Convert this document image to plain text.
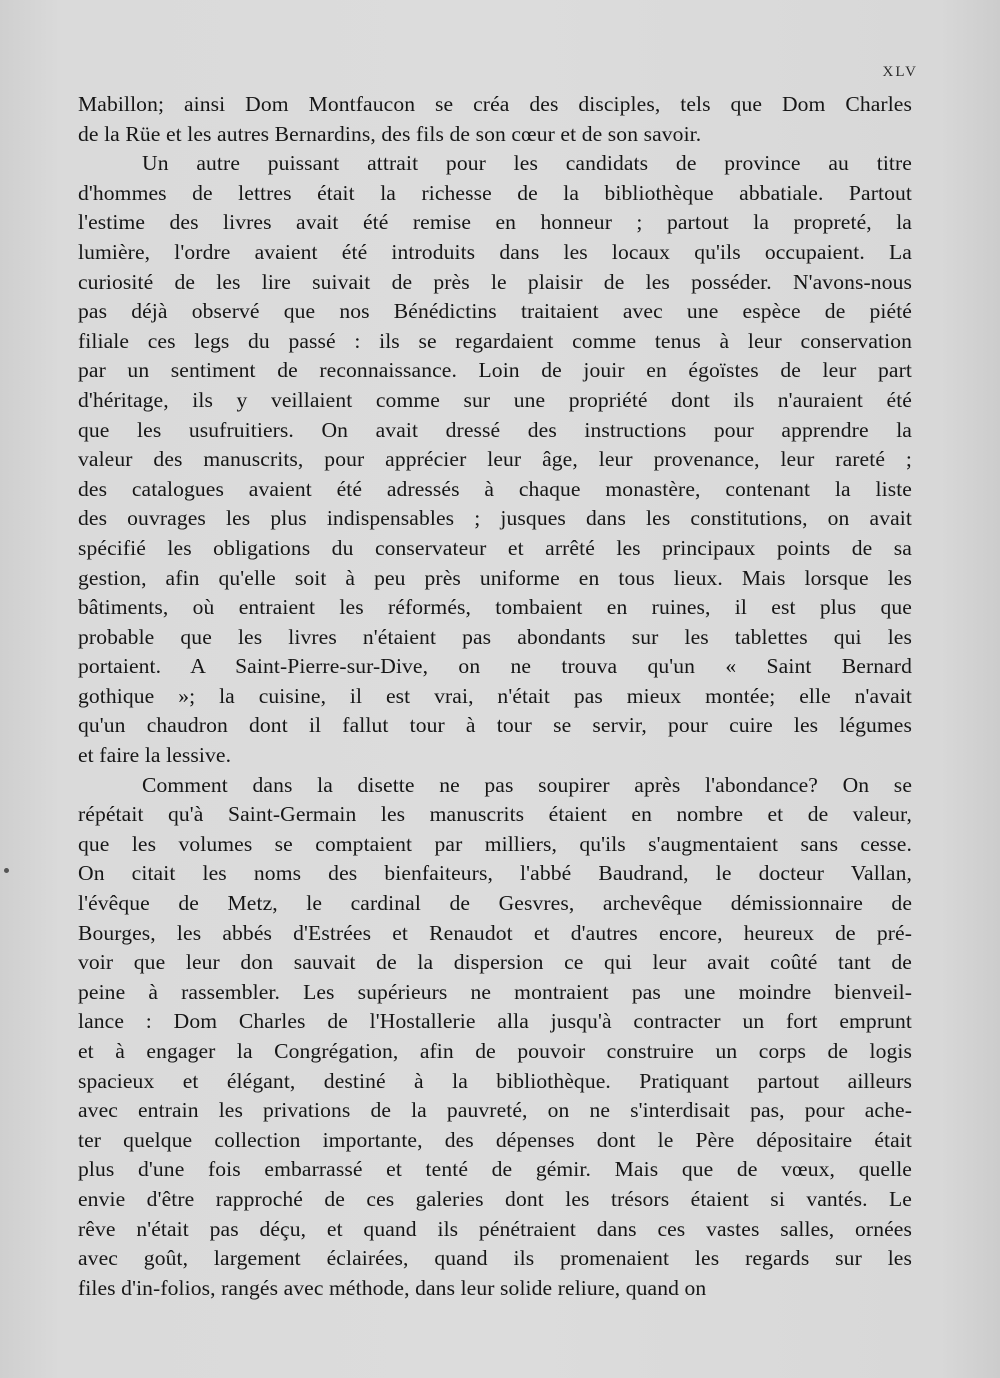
XLV
Mabillon; ainsi Dom Montfaucon se créa des disciples, tels que Dom Charles
de la Rüe et les autres Bernardins, des fils de son cœur et de son savoir.
Un autre puissant attrait pour les candidats de province au titre
d'hommes de lettres était la richesse de la bibliothèque abbatiale. Partout
l'estime des livres avait été remise en honneur ; partout la propreté, la
lumière, l'ordre avaient été introduits dans les locaux qu'ils occupaient. La
curiosité de les lire suivait de près le plaisir de les posséder. N'avons-nous
pas déjà observé que nos Bénédictins traitaient avec une espèce de piété
filiale ces legs du passé : ils se regardaient comme tenus à leur conservation
par un sentiment de reconnaissance. Loin de jouir en égoïstes de leur part
d'héritage, ils y veillaient comme sur une propriété dont ils n'auraient été
que les usufruitiers. On avait dressé des instructions pour apprendre la
valeur des manuscrits, pour apprécier leur âge, leur provenance, leur rareté ;
des catalogues avaient été adressés à chaque monastère, contenant la liste
des ouvrages les plus indispensables ; jusques dans les constitutions, on avait
spécifié les obligations du conservateur et arrêté les principaux points de sa
gestion, afin qu'elle soit à peu près uniforme en tous lieux. Mais lorsque les
bâtiments, où entraient les réformés, tombaient en ruines, il est plus que
probable que les livres n'étaient pas abondants sur les tablettes qui les
portaient. A Saint-Pierre-sur-Dive, on ne trouva qu'un « Saint Bernard
gothique »; la cuisine, il est vrai, n'était pas mieux montée; elle n'avait
qu'un chaudron dont il fallut tour à tour se servir, pour cuire les légumes
et faire la lessive.
Comment dans la disette ne pas soupirer après l'abondance? On se
répétait qu'à Saint-Germain les manuscrits étaient en nombre et de valeur,
que les volumes se comptaient par milliers, qu'ils s'augmentaient sans cesse.
On citait les noms des bienfaiteurs, l'abbé Baudrand, le docteur Vallan,
l'évêque de Metz, le cardinal de Gesvres, archevêque démissionnaire de
Bourges, les abbés d'Estrées et Renaudot et d'autres encore, heureux de pré-
voir que leur don sauvait de la dispersion ce qui leur avait coûté tant de
peine à rassembler. Les supérieurs ne montraient pas une moindre bienveil-
lance : Dom Charles de l'Hostallerie alla jusqu'à contracter un fort emprunt
et à engager la Congrégation, afin de pouvoir construire un corps de logis
spacieux et élégant, destiné à la bibliothèque. Pratiquant partout ailleurs
avec entrain les privations de la pauvreté, on ne s'interdisait pas, pour ache-
ter quelque collection importante, des dépenses dont le Père dépositaire était
plus d'une fois embarrassé et tenté de gémir. Mais que de vœux, quelle
envie d'être rapproché de ces galeries dont les trésors étaient si vantés. Le
rêve n'était pas déçu, et quand ils pénétraient dans ces vastes salles, ornées
avec goût, largement éclairées, quand ils promenaient les regards sur les
files d'in-folios, rangés avec méthode, dans leur solide reliure, quand on
